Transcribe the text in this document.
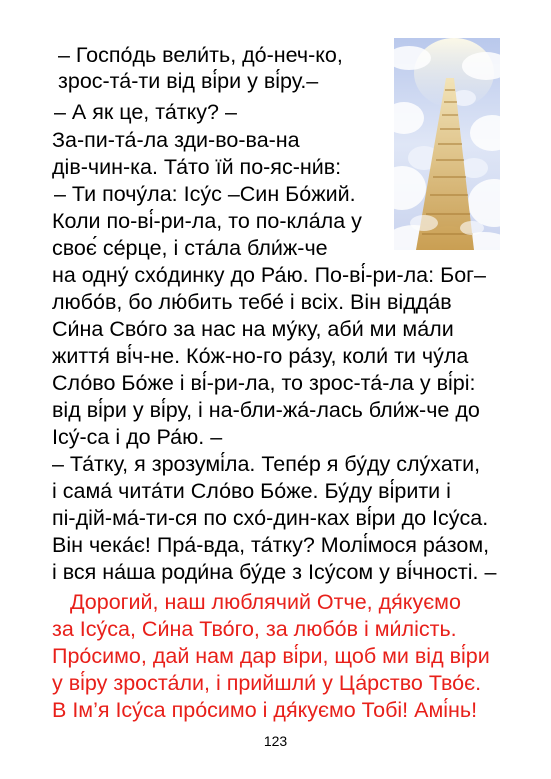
– Госпо́дь вели́ть, до́-неч-ко,
зрос-та́-ти від ві́ри у ві́ру.–
– А як це, та́тку? –
За-пи-та́-ла зди-во-ва-на
дів-чин-ка. Та́то їй по-яс-ни́в:
– Ти почу́ла: Ісу́с –Син Бо́жий.
Коли по-ві́-ри-ла, то по-кла́ла у
своє́ се́рце, і ста́ла бли́ж-че
на одну́ схо́динку до Ра́ю. По-ві́-ри-ла: Бог–
любо́в, бо лю́бить тебе́ і всіх. Він відда́в
Си́на Сво́го за нас на му́ку, аби́ ми ма́ли
життя́ ві́ч-не. Ко́ж-но-го ра́зу, коли́ ти чу́ла
Сло́во Бо́же і ві́-ри-ла, то зрос-та́-ла у ві́рі:
від ві́ри у ві́ру, і на-бли-жа́-лась бли́ж-че до
Ісу́-са і до Ра́ю. –
– Та́тку, я зрозумі́ла. Тепе́р я бу́ду слу́хати,
і сама́ чита́ти Сло́во Бо́же. Бу́ду ві́рити і
пі-дій-ма́-ти-ся по схо́-дин-ках ві́ри до Ісу́са.
Він чека́є! Пра́-вда, та́тку? Молі́мося ра́зом,
і вся на́ша роди́на бу́де з Ісу́сом у ві́чності. –
Дорогий, наш люблячий Отче, дя́куємо
за Ісу́са, Си́на Тво́го, за любо́в і ми́лість.
Про́симо, дай нам дар ві́ри, щоб ми від ві́ри
у ві́ру зроста́ли, і прийшли́ у Ца́рство Тво́є.
В Ім’я Ісу́са про́симо і дя́куємо Тобі! Амі́нь!
123
